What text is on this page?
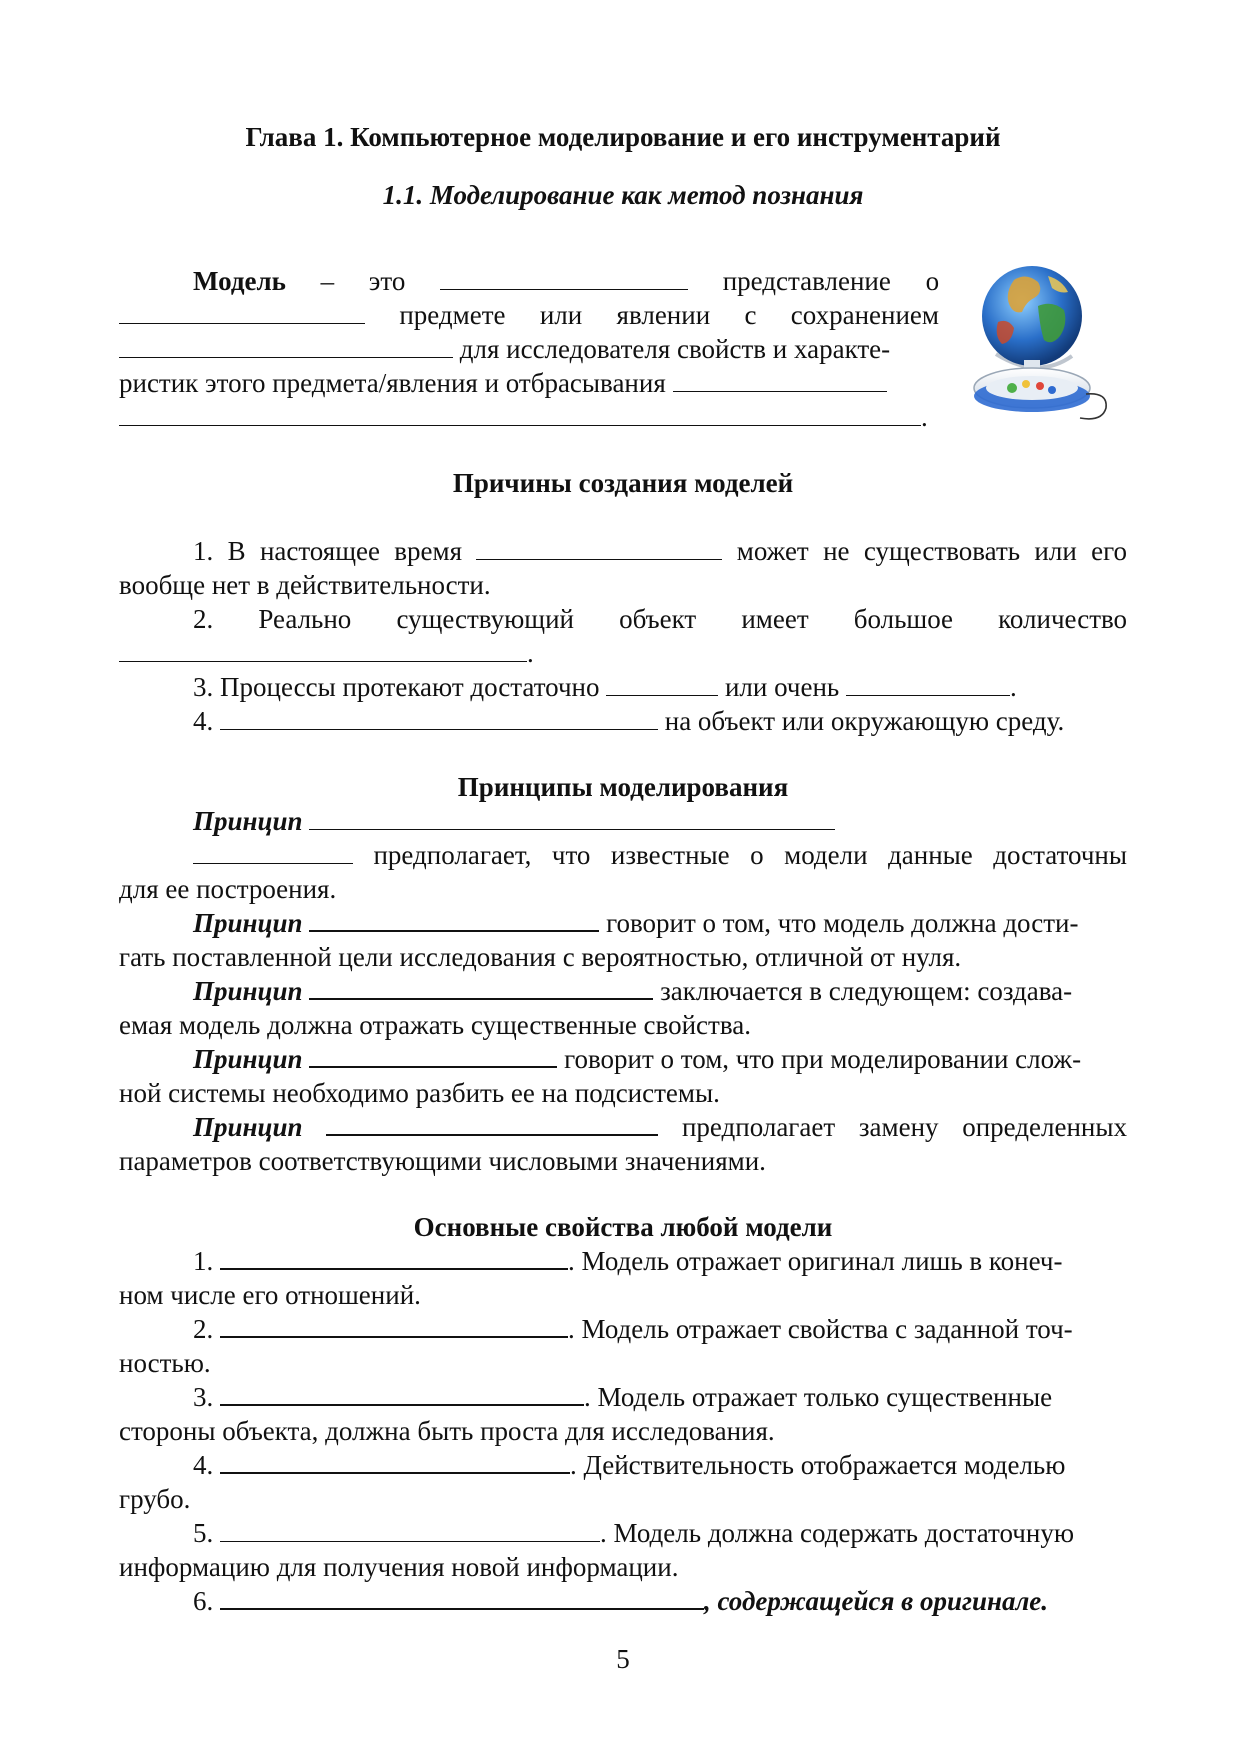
Глава 1. Компьютерное моделирование и его инструментарий
1.1. Моделирование как метод познания
Модель – это	представление о
предмете или явлении с сохранением
для исследователя свойств и характе-
ристик этого предмета/явления и отбрасывания
.
Причины создания моделей
1. В настоящее время	может не существовать или его
вообще нет в действительности.
2. Реально существующий объект имеет большое количество
.
3. Процессы протекают достаточно	или очень	.
4.	на объект или окружающую среду.
Принципы моделирования
Принцип
предполагает, что известные о модели данные достаточны
для ее построения.
Принцип	говорит о том, что модель должна дости-
гать поставленной цели исследования с вероятностью, отличной от нуля.
Принцип	заключается в следующем: создава-
емая модель должна отражать существенные свойства.
Принцип	говорит о том, что при моделировании слож-
ной системы необходимо разбить ее на подсистемы.
Принцип	предполагает замену определенных
параметров соответствующими числовыми значениями.
Основные свойства любой модели
1.	. Модель отражает оригинал лишь в конеч-
ном числе его отношений.
2.	. Модель отражает свойства с заданной точ-
ностью.
3.	. Модель отражает только существенные
стороны объекта, должна быть проста для исследования.
4.	. Действительность отображается моделью
грубо.
5.	. Модель должна содержать достаточную
информацию для получения новой информации.
6.	, содержащейся в оригинале.
5
